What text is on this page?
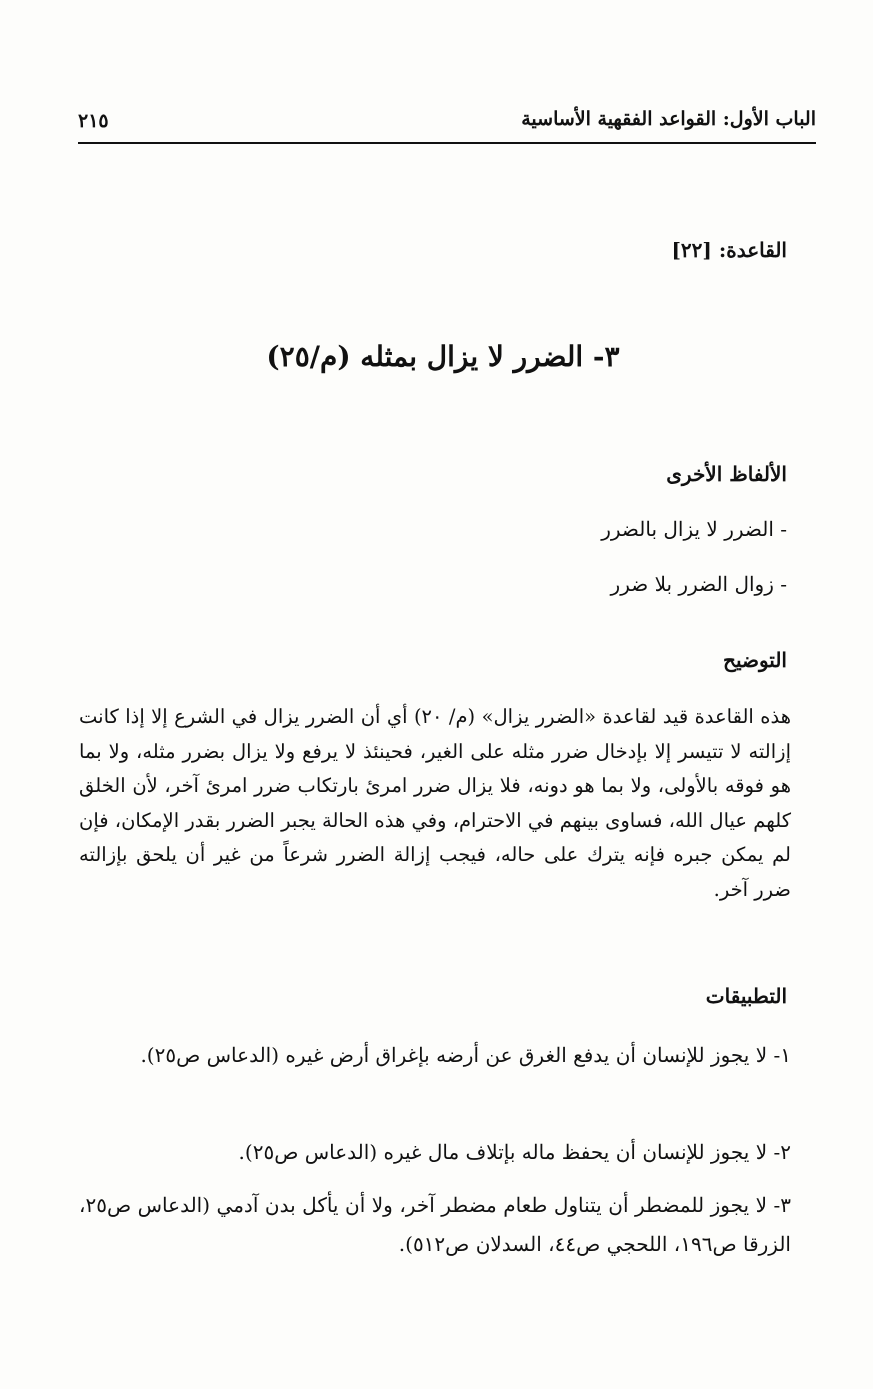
الباب الأول: القواعد الفقهية الأساسية
٢١٥
القاعدة: [٢٢]
٣- الضرر لا يزال بمثله (م/٢٥)
الألفاظ الأخرى
- الضرر لا يزال بالضرر
- زوال الضرر بلا ضرر
التوضيح
هذه القاعدة قيد لقاعدة «الضرر يزال» (م/ ٢٠) أي أن الضرر يزال في الشرع إلا إذا كانت إزالته لا تتيسر إلا بإدخال ضرر مثله على الغير، فحينئذ لا يرفع ولا يزال بضرر مثله، ولا بما هو فوقه بالأولى، ولا بما هو دونه، فلا يزال ضرر امرئ بارتكاب ضرر امرئ آخر، لأن الخلق كلهم عيال الله، فساوى بينهم في الاحترام، وفي هذه الحالة يجبر الضرر بقدر الإمكان، فإن لم يمكن جبره فإنه يترك على حاله، فيجب إزالة الضرر شرعاً من غير أن يلحق بإزالته ضرر آخر.
التطبيقات
١- لا يجوز للإنسان أن يدفع الغرق عن أرضه بإغراق أرض غيره (الدعاس ص٢٥).
٢- لا يجوز للإنسان أن يحفظ ماله بإتلاف مال غيره (الدعاس ص٢٥).
٣- لا يجوز للمضطر أن يتناول طعام مضطر آخر، ولا أن يأكل بدن آدمي (الدعاس ص٢٥، الزرقا ص١٩٦، اللحجي ص٤٤، السدلان ص٥١٢).
